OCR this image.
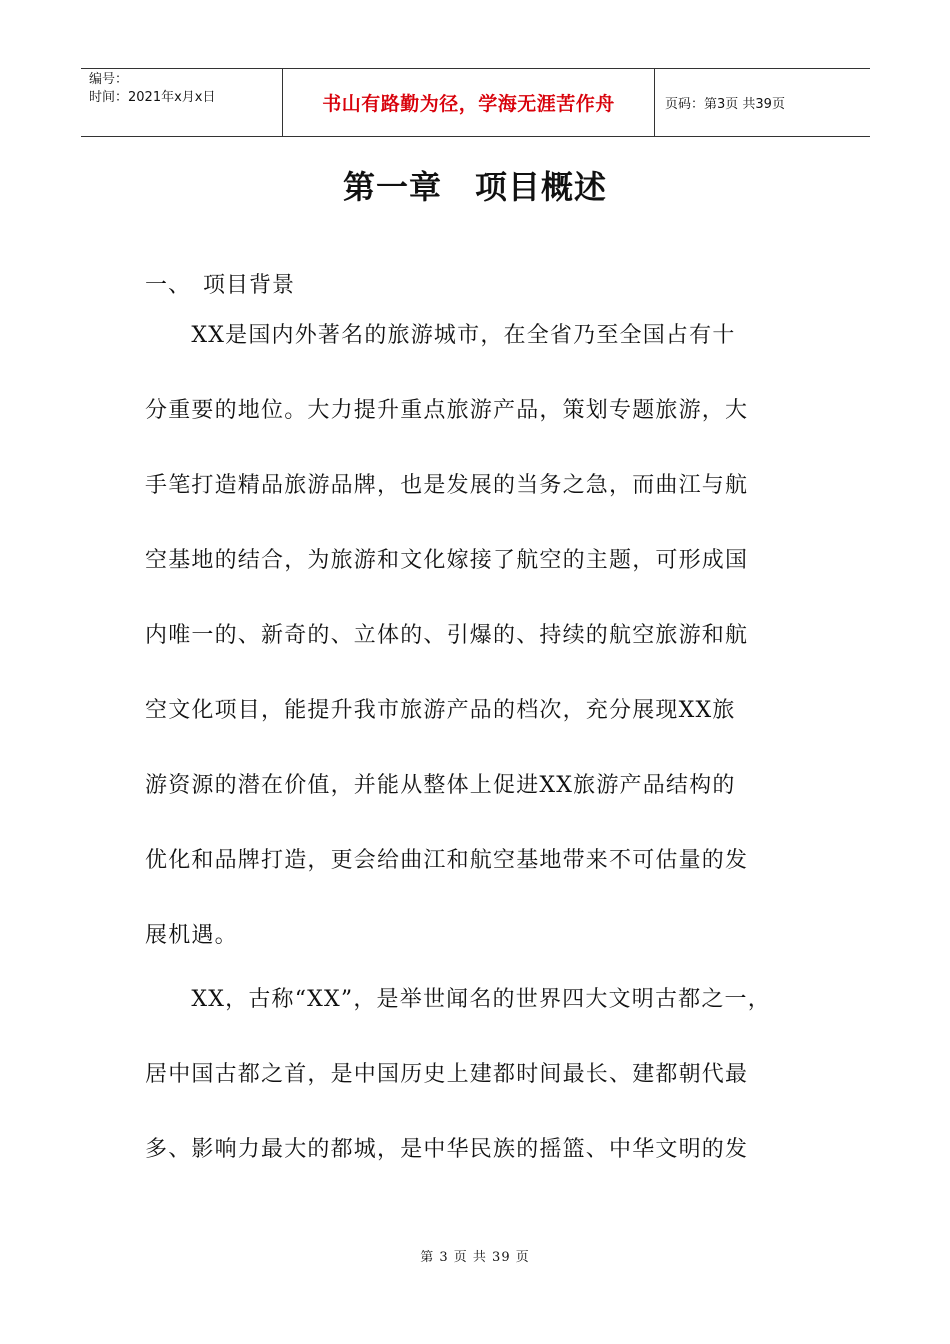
编号：
时间：2021年x月x日	书山有路勤为径，学海无涯苦作舟	页码：第3页 共39页
第一章　项目概述
一、　项目背景
　　XX是国内外著名的旅游城市，在全省乃至全国占有十
分重要的地位。大力提升重点旅游产品，策划专题旅游，大
手笔打造精品旅游品牌，也是发展的当务之急，而曲江与航
空基地的结合，为旅游和文化嫁接了航空的主题，可形成国
内唯一的、新奇的、立体的、引爆的、持续的航空旅游和航
空文化项目，能提升我市旅游产品的档次，充分展现XX旅
游资源的潜在价值，并能从整体上促进XX旅游产品结构的
优化和品牌打造，更会给曲江和航空基地带来不可估量的发
展机遇。
　　XX，古称“XX”，是举世闻名的世界四大文明古都之一，
居中国古都之首，是中国历史上建都时间最长、建都朝代最
多、影响力最大的都城，是中华民族的摇篮、中华文明的发
第 3 页 共 39 页
